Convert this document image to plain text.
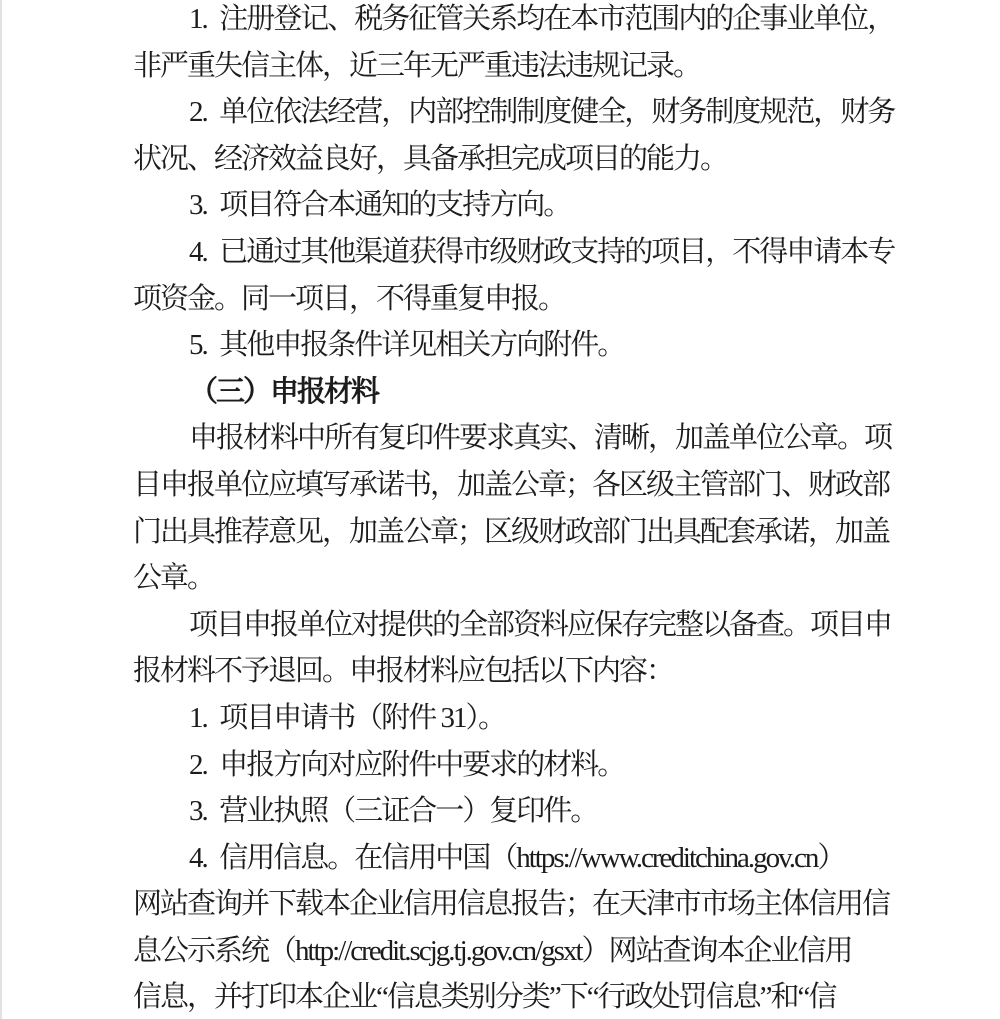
1. 注册登记、税务征管关系均在本市范围内的企事业单位，

非严重失信主体，近三年无严重违法违规记录。

2. 单位依法经营，内部控制制度健全，财务制度规范，财务

状况、经济效益良好，具备承担完成项目的能力。

3. 项目符合本通知的支持方向。

4. 已通过其他渠道获得市级财政支持的项目，不得申请本专

项资金。同一项目，不得重复申报。

5. 其他申报条件详见相关方向附件。

（三）申报材料

申报材料中所有复印件要求真实、清晰，加盖单位公章。项

目申报单位应填写承诺书，加盖公章；各区级主管部门、财政部

门出具推荐意见，加盖公章；区级财政部门出具配套承诺，加盖

公章。

项目申报单位对提供的全部资料应保存完整以备查。项目申

报材料不予退回。申报材料应包括以下内容：

1. 项目申请书（附件 31）。

2. 申报方向对应附件中要求的材料。

3. 营业执照（三证合一）复印件。

4. 信用信息。在信用中国（https://www.creditchina.gov.cn）

网站查询并下载本企业信用信息报告；在天津市市场主体信用信

息公示系统（http://credit.scjg.tj.gov.cn/gsxt）网站查询本企业信用

信息，并打印本企业“信息类别分类”下“行政处罚信息”和“信
